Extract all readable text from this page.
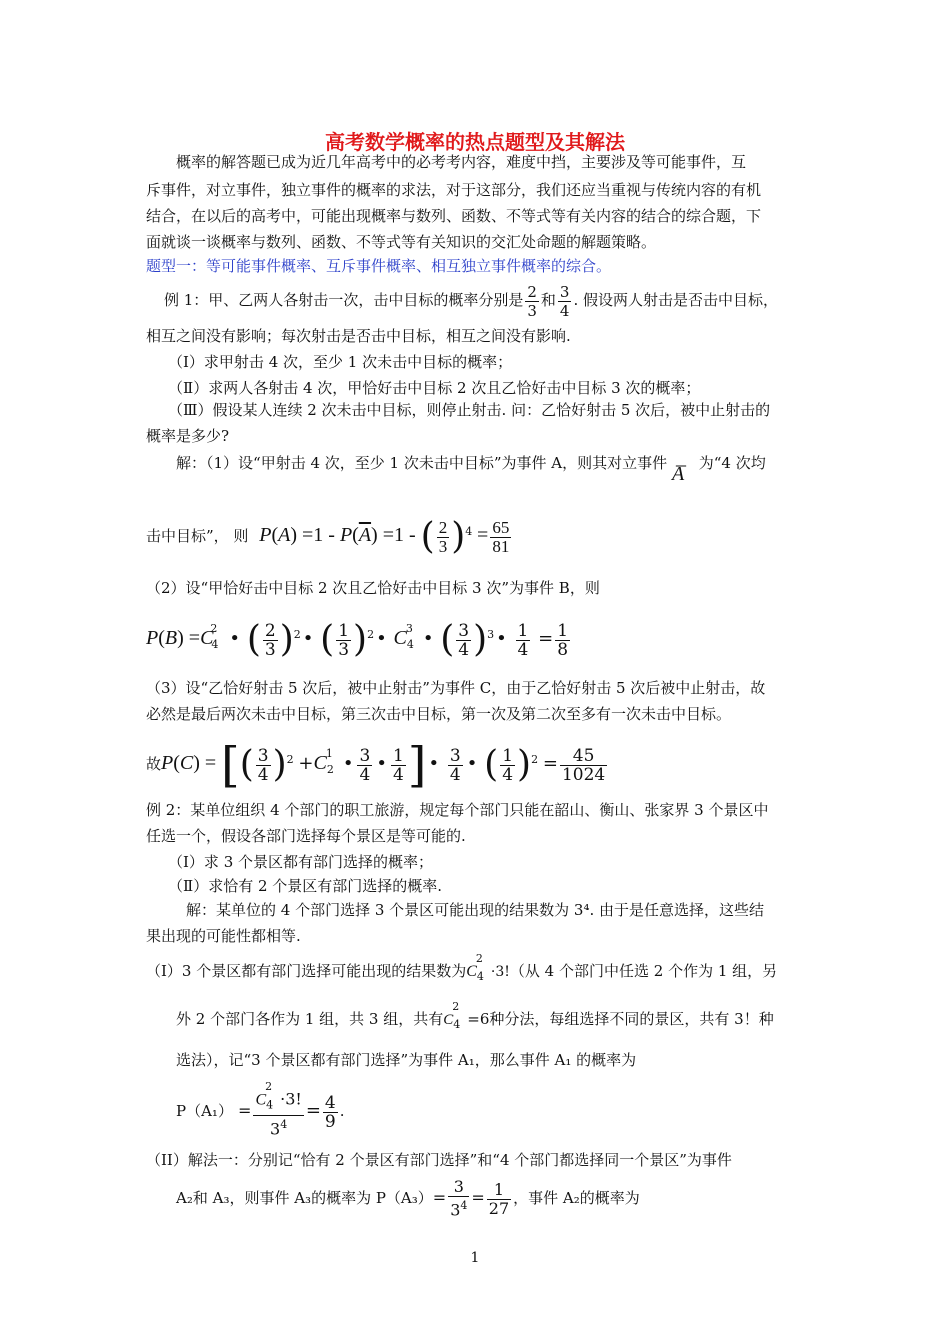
高考数学概率的热点题型及其解法
概率的解答题已成为近几年高考中的必考考内容，难度中挡，主要涉及等可能事件，互
斥事件，对立事件，独立事件的概率的求法，对于这部分，我们还应当重视与传统内容的有机
结合，在以后的高考中，可能出现概率与数列、函数、不等式等有关内容的结合的综合题，下
面就谈一谈概率与数列、函数、不等式等有关知识的交汇处命题的解题策略。
题型一：等可能事件概率、互斥事件概率、相互独立事件概率的综合。
例 1：甲、乙两人各射击一次，击中目标的概率分别是 $\frac{2}{3}$ 和 $\frac{3}{4}$ . 假设两人射击是否击中目标，
相互之间没有影响；每次射击是否击中目标，相互之间没有影响.
（Ⅰ）求甲射击 4 次，至少 1 次未击中目标的概率；
（Ⅱ）求两人各射击 4 次，甲恰好击中目标 2 次且乙恰好击中目标 3 次的概率；
（Ⅲ）假设某人连续 2 次未击中目标，则停止射击. 问：乙恰好射击 5 次后，被中止射击的
概率是多少?
解：（1）设“甲射击 4 次，至少 1 次未击中目标”为事件 A，则其对立事件 _
A 为“4 次均
击中目标”， 则 $P(A) =1 - P(\overline{A}) =1$ - ( $\frac{2}{3} )^4 = \frac{65}{81}$
（2）设“甲恰好击中目标 2 次且乙恰好击中目标 3 次”为事件 B，则
$P(B) =C_4^2$ • ( $\frac{2}{3} )^2$ • ( $\frac{1}{3} )^2$ • $C_4^3$ • ( $\frac{3}{4} )^3$ • $\frac{1}{4} = \frac{1}{8}$
（3）设“乙恰好射击 5 次后，被中止射击”为事件 C，由于乙恰好射击 5 次后被中止射击，故
必然是最后两次未击中目标，第三次击中目标，第一次及第二次至多有一次未击中目标。
故P(C) = [( $\frac{3}{4} )^2 +C_2^1$ • $\frac{3}{4}$ • $\frac{1}{4}$ ] • $\frac{3}{4}$ • ( $\frac{1}{4} )^2 = \frac{45}{1024}$
例 2：某单位组织 4 个部门的职工旅游，规定每个部门只能在韶山、衡山、张家界 3 个景区中
任选一个，假设各部门选择每个景区是等可能的.
（Ⅰ）求 3 个景区都有部门选择的概率；
（Ⅱ）求恰有 2 个景区有部门选择的概率.
解：某单位的 4 个部门选择 3 个景区可能出现的结果数为 3⁴. 由于是任意选择，这些结
果出现的可能性都相等.
（I）3 个景区都有部门选择可能出现的结果数为$C_4^2\cdot 3$!（从 4 个部门中任选 2 个作为 1 组，另
外 2 个部门各作为 1 组，共 3 组，共有$C_4^2=6$种分法，每组选择不同的景区，共有 3！种
选法），记“3 个景区都有部门选择”为事件 A₁，那么事件 A₁ 的概率为
$P(A_1) = \frac{C_4^2\cdot 3!}{3^4} = \frac{4}{9}$ .
（II）解法一：分别记“恰有 2 个景区有部门选择”和“4 个部门都选择同一个景区”为事件
A₂和 A₃，则事件 A₃的概率为 $P(A_3)= \frac{3}{3^4} = \frac{1}{27}$ ，事件 A₂的概率为
1
